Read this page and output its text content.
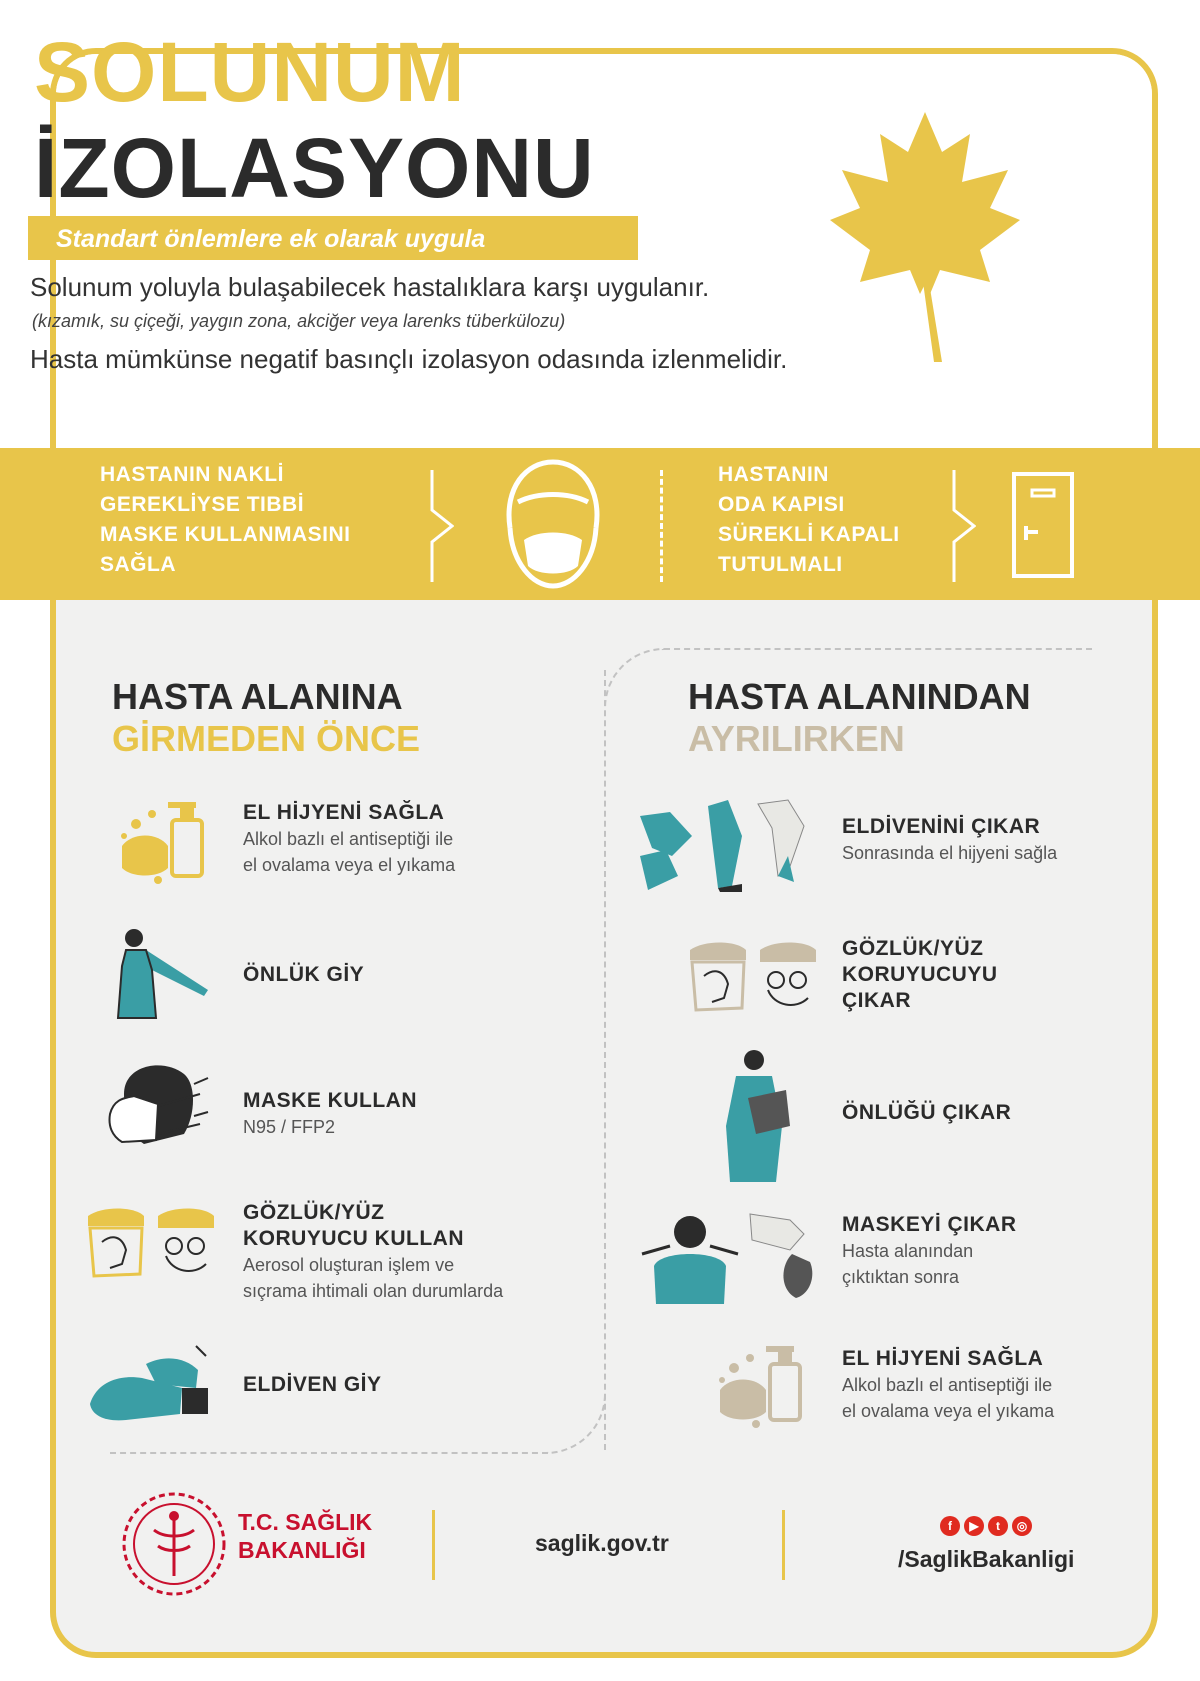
SOLUNUM
İZOLASYONU
Standart önlemlere ek olarak uygula
Solunum yoluyla bulaşabilecek hastalıklara karşı uygulanır.
(kızamık, su çiçeği, yaygın zona, akciğer veya larenks tüberkülozu)
Hasta mümkünse negatif basınçlı izolasyon odasında izlenmelidir.
HASTANIN NAKLİ
GEREKLİYSE TIBBİ
MASKE KULLANMASINI
SAĞLA
HASTANIN
ODA KAPISI
SÜREKLİ KAPALI
TUTULMALI
HASTA ALANINA
GİRMEDEN ÖNCE
EL HİJYENİ SAĞLA
Alkol bazlı el antiseptiği ile
el ovalama veya el yıkama
ÖNLÜK GİY
MASKE KULLAN
N95 / FFP2
GÖZLÜK/YÜZ
KORUYUCU KULLAN
Aerosol oluşturan işlem ve
sıçrama ihtimali olan durumlarda
ELDİVEN GİY
HASTA ALANINDAN
AYRILIRKEN
ELDİVENİNİ ÇIKAR
Sonrasında el hijyeni sağla
GÖZLÜK/YÜZ
KORUYUCUYU
ÇIKAR
ÖNLÜĞÜ ÇIKAR
MASKEYİ ÇIKAR
Hasta alanından
çıktıktan sonra
EL HİJYENİ SAĞLA
Alkol bazlı el antiseptiği ile
el ovalama veya el yıkama
T.C. SAĞLIK
BAKANLIĞI	saglik.gov.tr
f	▶	t	◎
/SaglikBakanligi
